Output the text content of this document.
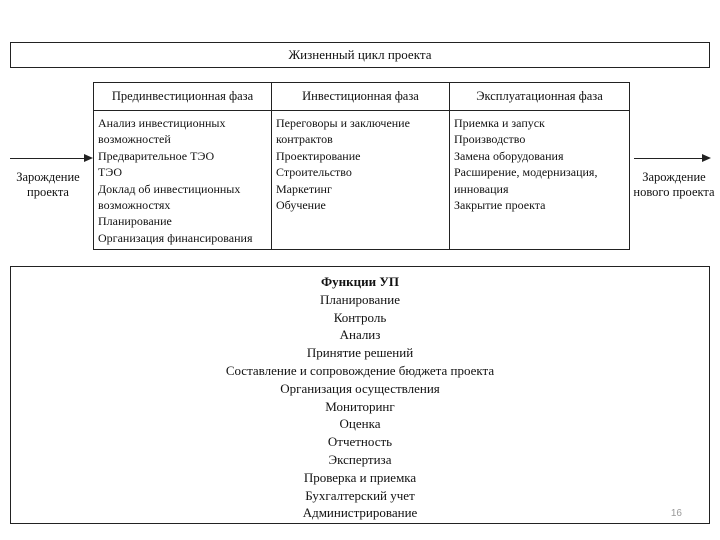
Жизненный цикл проекта
Зарождение проекта
Прединвестиционная фаза
Анализ инвестиционных возможностей
Предварительное ТЭО
ТЭО
Доклад об инвестиционных возможностях
Планирование
Организация финансирования
Инвестиционная фаза
Переговоры и заключение контрактов
Проектирование
Строительство
Маркетинг
Обучение
Эксплуатационная фаза
Приемка и запуск
Производство
Замена оборудования
Расширение, модернизация, инновация
Закрытие проекта
Зарождение нового проекта
Функции УП
Планирование
Контроль
Анализ
Принятие решений
Составление и сопровождение бюджета проекта
Организация осуществления
Мониторинг
Оценка
Отчетность
Экспертиза
Проверка и приемка
Бухгалтерский учет
Администрирование	16
